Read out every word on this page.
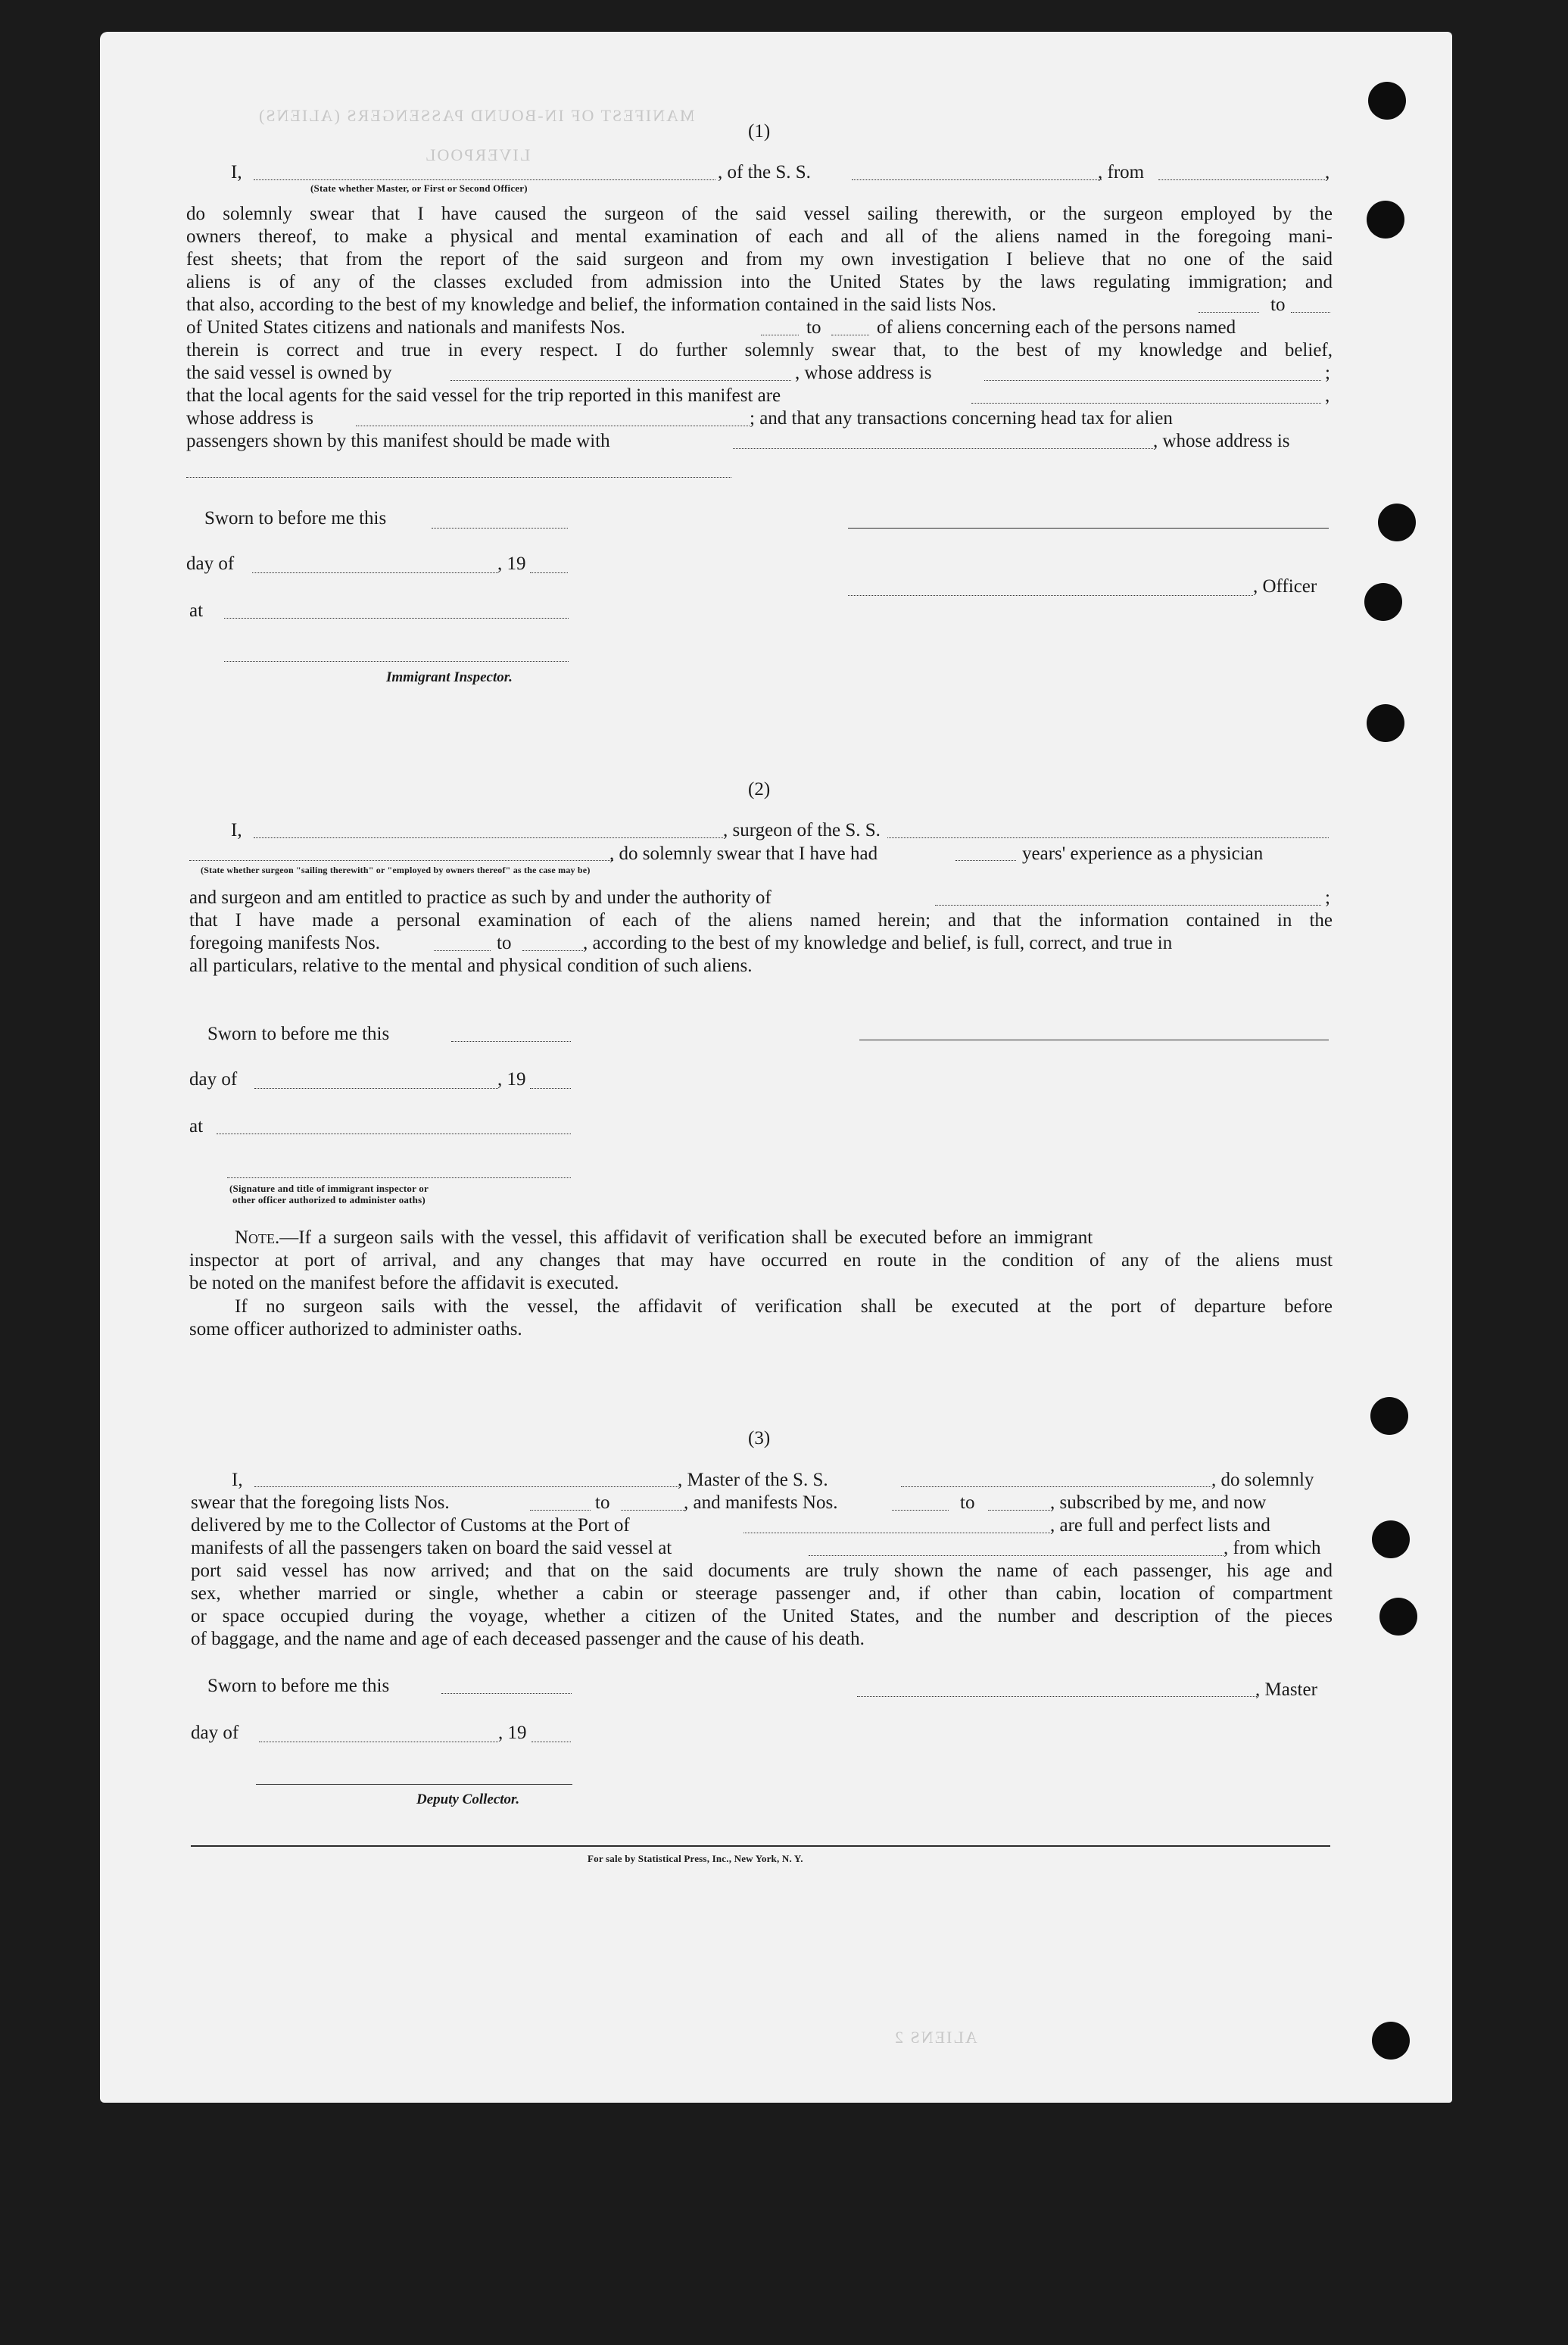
MANIFEST OF IN-BOUND PASSENGERS (ALIENS)
LIVERPOOL
ALIENS 2
(1)
I,	, of the S. S.	, from	,
(State whether Master, or First or Second Officer)
do solemnly swear that I have caused the surgeon of the said vessel sailing therewith, or the surgeon employed by the
owners thereof, to make a physical and mental examination of each and all of the aliens named in the foregoing mani-
fest sheets; that from the report of the said surgeon and from my own investigation I believe that no one of the said
aliens is of any of the classes excluded from admission into the United States by the laws regulating immigration; and
that also, according to the best of my knowledge and belief, the information contained in the said lists Nos.	to
of United States citizens and nationals and manifests Nos.	to	of aliens concerning each of the persons named
therein is correct and true in every respect. I do further solemnly swear that, to the best of my knowledge and belief,
the said vessel is owned by	, whose address is	;
that the local agents for the said vessel for the trip reported in this manifest are	,
whose address is	; and that any transactions concerning head tax for alien
passengers shown by this manifest should be made with	, whose address is
Sworn to before me this
day of	, 19
, Officer
at
Immigrant Inspector.
(2)
I,	, surgeon of the S. S.
, do solemnly swear that I have had	years' experience as a physician
(State whether surgeon "sailing therewith" or "employed by owners thereof" as the case may be)
and surgeon and am entitled to practice as such by and under the authority of	;
that I have made a personal examination of each of the aliens named herein; and that the information contained in the
foregoing manifests Nos.	to	, according to the best of my knowledge and belief, is full, correct, and true in
all particulars, relative to the mental and physical condition of such aliens.
Sworn to before me this
day of	, 19
at
(Signature and title of immigrant inspector or
other officer authorized to administer oaths)
Note.—If a surgeon sails with the vessel, this affidavit of verification shall be executed before an immigrant
inspector at port of arrival, and any changes that may have occurred en route in the condition of any of the aliens must
be noted on the manifest before the affidavit is executed.
If no surgeon sails with the vessel, the affidavit of verification shall be executed at the port of departure before
some officer authorized to administer oaths.
(3)
I,	, Master of the S. S.	, do solemnly
swear that the foregoing lists Nos.	to	, and manifests Nos.	to	, subscribed by me, and now
delivered by me to the Collector of Customs at the Port of	, are full and perfect lists and
manifests of all the passengers taken on board the said vessel at	, from which
port said vessel has now arrived; and that on the said documents are truly shown the name of each passenger, his age and
sex, whether married or single, whether a cabin or steerage passenger and, if other than cabin, location of compartment
or space occupied during the voyage, whether a citizen of the United States, and the number and description of the pieces
of baggage, and the name and age of each deceased passenger and the cause of his death.
Sworn to before me this	, Master
day of	, 19
Deputy Collector.
For sale by Statistical Press, Inc., New York, N. Y.
